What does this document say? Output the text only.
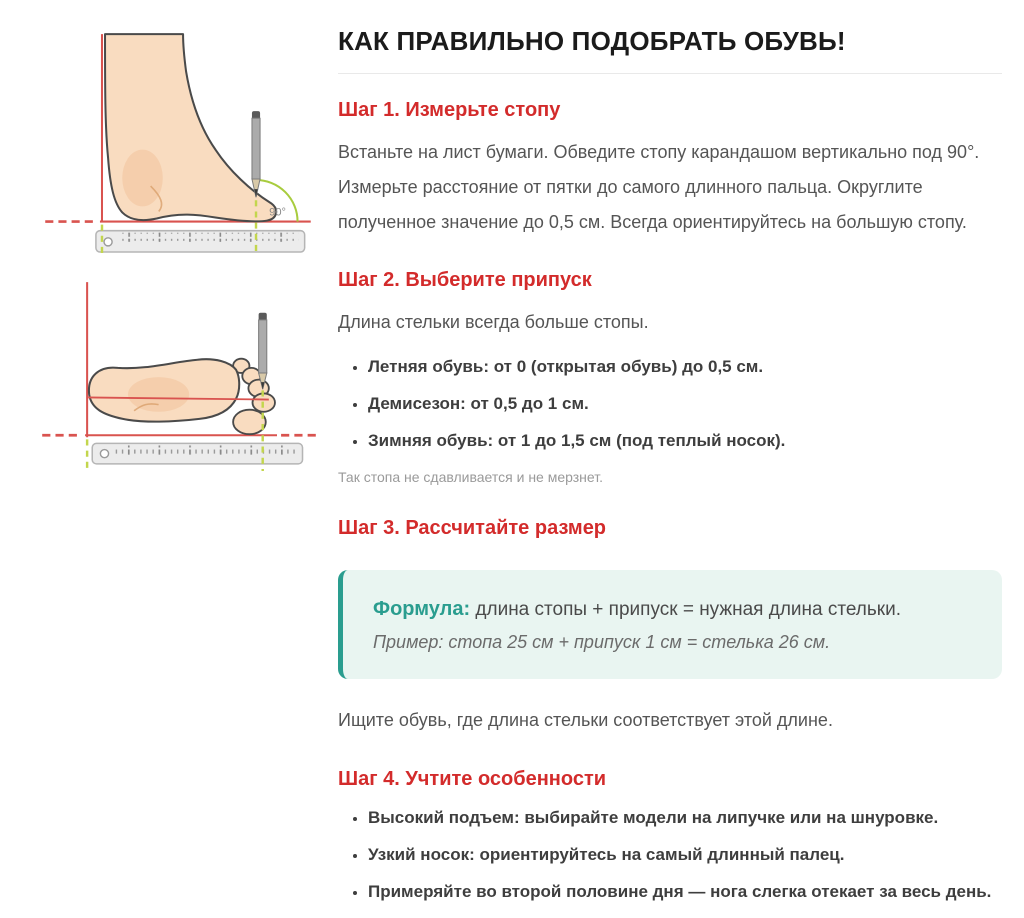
90°
КАК ПРАВИЛЬНО ПОДОБРАТЬ ОБУВЬ!
Шаг 1. Измерьте стопу

Встаньте на лист бумаги. Обведите стопу карандашом вертикально под 90°. Измерьте расстояние от пятки до самого длинного пальца. Округлите полученное значение до 0,5 см. Всегда ориентируйтесь на большую стопу.

Шаг 2. Выберите припуск

Длина стельки всегда больше стопы.

• Летняя обувь: от 0 (открытая обувь) до 0,5 см.
• Демисезон: от 0,5 до 1 см.
• Зимняя обувь: от 1 до 1,5 см (под теплый носок).

Так стопа не сдавливается и не мерзнет.

Шаг 3. Рассчитайте размер

Формула: длина стопы + припуск = нужная длина стельки.

Пример: стопа 25 см + припуск 1 см = стелька 26 см.

Ищите обувь, где длина стельки соответствует этой длине.

Шаг 4. Учтите особенности
• Высокий подъем: выбирайте модели на липучке или на шнуровке.
• Узкий носок: ориентируйтесь на самый длинный палец.
• Примеряйте во второй половине дня — нога слегка отекает за весь день.
